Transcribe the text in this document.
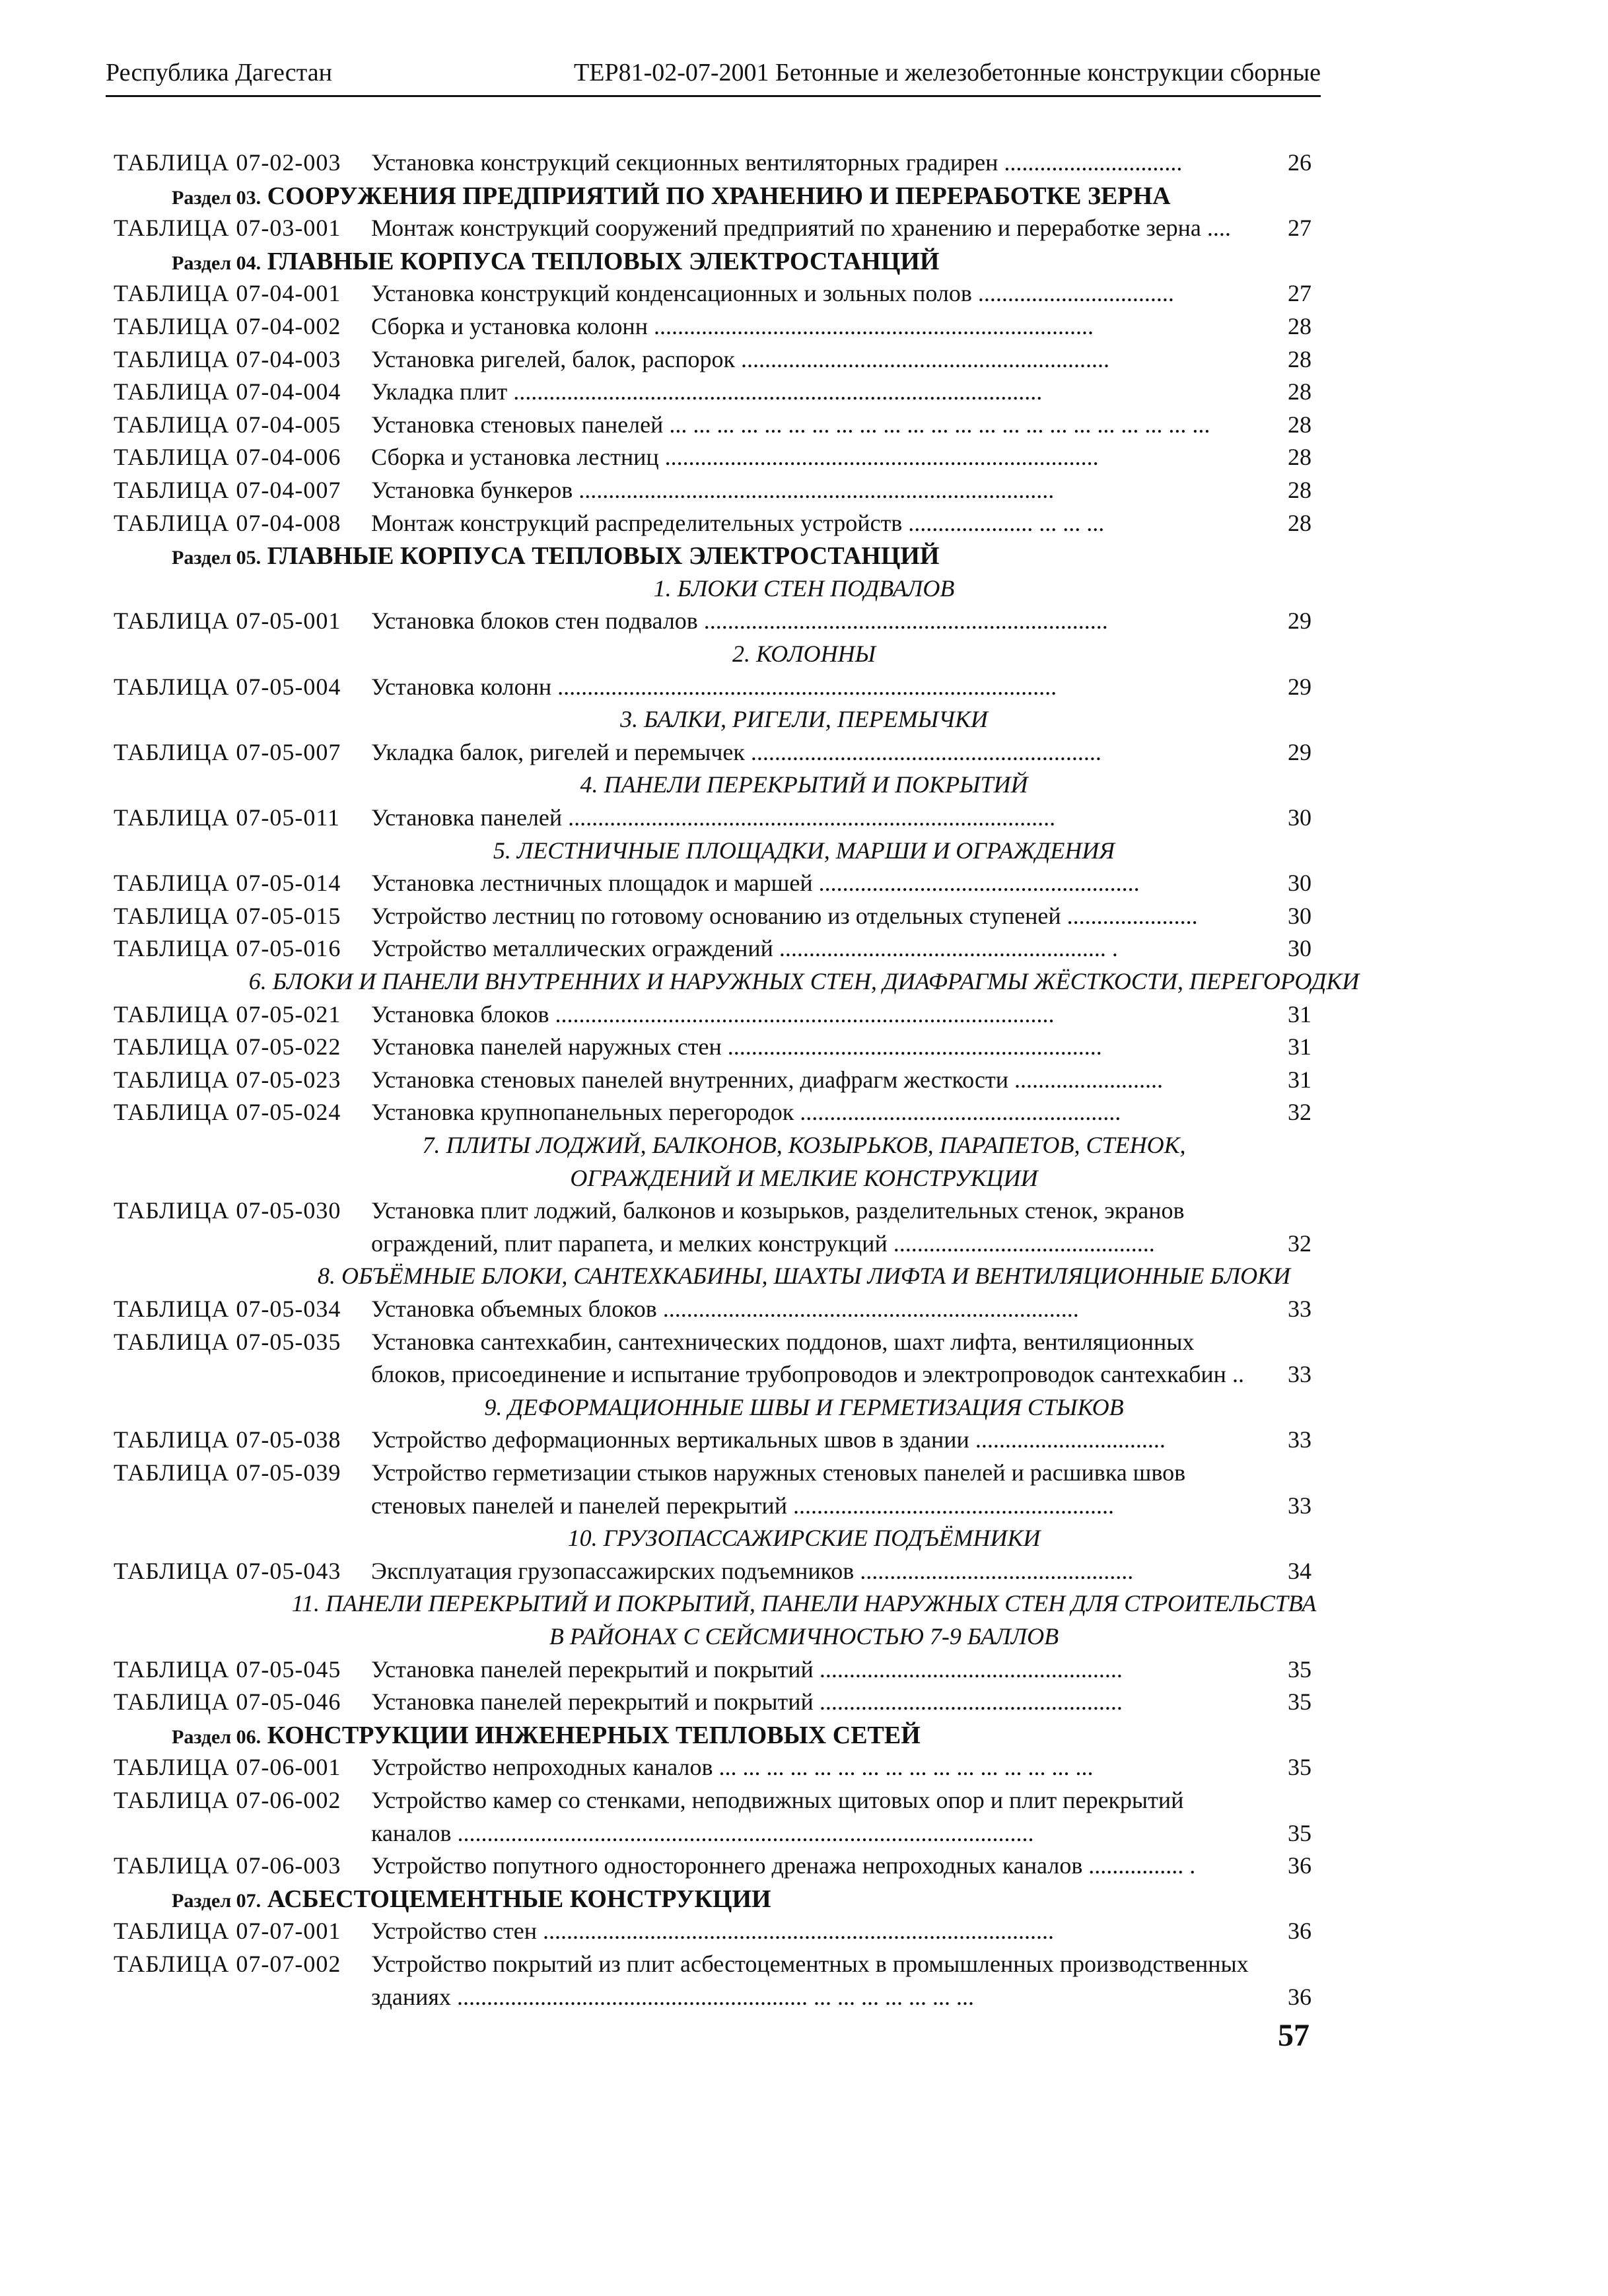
Республика Дагестан	ТЕР81-02-07-2001 Бетонные и железобетонные конструкции сборные
ТАБЛИЦА 07-02-003 Установка конструкций секционных вентиляторных градирен ..............................	26
Раздел 03. СООРУЖЕНИЯ ПРЕДПРИЯТИЙ ПО ХРАНЕНИЮ И ПЕРЕРАБОТКЕ ЗЕРНА
ТАБЛИЦА 07-03-001 Монтаж конструкций сооружений предприятий по хранению и переработке зерна ....	27
Раздел 04. ГЛАВНЫЕ КОРПУСА ТЕПЛОВЫХ ЭЛЕКТРОСТАНЦИЙ
ТАБЛИЦА 07-04-001 Установка конструкций конденсационных и зольных полов .................................	27
ТАБЛИЦА 07-04-002 Сборка и установка колонн ..........................................................................	28
ТАБЛИЦА 07-04-003 Установка ригелей, балок, распорок ..............................................................	28
ТАБЛИЦА 07-04-004 Укладка плит .........................................................................................	28
ТАБЛИЦА 07-04-005 Установка стеновых панелей ... ... ... ... ... ... ... ... ... ... ... ... ... ... ... ... ... ... ... ... ... ... ...	28
ТАБЛИЦА 07-04-006 Сборка и установка лестниц .........................................................................	28
ТАБЛИЦА 07-04-007 Установка бункеров ................................................................................	28
ТАБЛИЦА 07-04-008 Монтаж конструкций распределительных устройств ..................... ... ... ...	28
Раздел 05. ГЛАВНЫЕ КОРПУСА ТЕПЛОВЫХ ЭЛЕКТРОСТАНЦИЙ
1. БЛОКИ СТЕН ПОДВАЛОВ
ТАБЛИЦА 07-05-001 Установка блоков стен подвалов ....................................................................	29
2. КОЛОННЫ
ТАБЛИЦА 07-05-004 Установка колонн ....................................................................................	29
3. БАЛКИ, РИГЕЛИ, ПЕРЕМЫЧКИ
ТАБЛИЦА 07-05-007 Укладка балок, ригелей и перемычек ...........................................................	29
4. ПАНЕЛИ ПЕРЕКРЫТИЙ И ПОКРЫТИЙ
ТАБЛИЦА 07-05-011 Установка панелей ..................................................................................	30
5. ЛЕСТНИЧНЫЕ ПЛОЩАДКИ, МАРШИ И ОГРАЖДЕНИЯ
ТАБЛИЦА 07-05-014 Установка лестничных площадок и маршей ......................................................	30
ТАБЛИЦА 07-05-015 Устройство лестниц по готовому основанию из отдельных ступеней ......................	30
ТАБЛИЦА 07-05-016 Устройство металлических ограждений ....................................................... .	30
6. БЛОКИ И ПАНЕЛИ ВНУТРЕННИХ И НАРУЖНЫХ СТЕН, ДИАФРАГМЫ ЖЁСТКОСТИ, ПЕРЕГОРОДКИ
ТАБЛИЦА 07-05-021 Установка блоков ....................................................................................	31
ТАБЛИЦА 07-05-022 Установка панелей наружных стен ...............................................................	31
ТАБЛИЦА 07-05-023 Установка стеновых панелей внутренних, диафрагм жесткости .........................	31
ТАБЛИЦА 07-05-024 Установка крупнопанельных перегородок ......................................................	32
7. ПЛИТЫ ЛОДЖИЙ, БАЛКОНОВ, КОЗЫРЬКОВ, ПАРАПЕТОВ, СТЕНОК,
ОГРАЖДЕНИЙ И МЕЛКИЕ КОНСТРУКЦИИ
ТАБЛИЦА 07-05-030 Установка плит лоджий, балконов и козырьков, разделительных стенок, экранов
ограждений, плит парапета, и мелких конструкций ............................................	32
8. ОБЪЁМНЫЕ БЛОКИ, САНТЕХКАБИНЫ, ШАХТЫ ЛИФТА И ВЕНТИЛЯЦИОННЫЕ БЛОКИ
ТАБЛИЦА 07-05-034 Установка объемных блоков ......................................................................	33
ТАБЛИЦА 07-05-035 Установка сантехкабин, сантехнических поддонов, шахт лифта, вентиляционных
блоков, присоединение и испытание трубопроводов и электропроводок сантехкабин ..	33
9. ДЕФОРМАЦИОННЫЕ ШВЫ И ГЕРМЕТИЗАЦИЯ СТЫКОВ
ТАБЛИЦА 07-05-038 Устройство деформационных вертикальных швов в здании ................................	33
ТАБЛИЦА 07-05-039 Устройство герметизации стыков наружных стеновых панелей и расшивка швов
стеновых панелей и панелей перекрытий ......................................................	33
10. ГРУЗОПАССАЖИРСКИЕ ПОДЪЁМНИКИ
ТАБЛИЦА 07-05-043 Эксплуатация грузопассажирских подъемников ..............................................	34
11. ПАНЕЛИ ПЕРЕКРЫТИЙ И ПОКРЫТИЙ, ПАНЕЛИ НАРУЖНЫХ СТЕН ДЛЯ СТРОИТЕЛЬСТВА
В РАЙОНАХ С СЕЙСМИЧНОСТЬЮ 7-9 БАЛЛОВ
ТАБЛИЦА 07-05-045 Установка панелей перекрытий и покрытий ...................................................	35
ТАБЛИЦА 07-05-046 Установка панелей перекрытий и покрытий ...................................................	35
Раздел 06. КОНСТРУКЦИИ ИНЖЕНЕРНЫХ ТЕПЛОВЫХ СЕТЕЙ
ТАБЛИЦА 07-06-001 Устройство непроходных каналов ... ... ... ... ... ... ... ... ... ... ... ... ... ... ... ...	35
ТАБЛИЦА 07-06-002 Устройство камер со стенками, неподвижных щитовых опор и плит перекрытий
каналов .................................................................................................	35
ТАБЛИЦА 07-06-003 Устройство попутного одностороннего дренажа непроходных каналов ................ .	36
Раздел 07. АСБЕСТОЦЕМЕНТНЫЕ КОНСТРУКЦИИ
ТАБЛИЦА 07-07-001 Устройство стен ......................................................................................	36
ТАБЛИЦА 07-07-002 Устройство покрытий из плит асбестоцементных в промышленных производственных
зданиях ........................................................... ... ... ... ... ... ... ...	36
57
